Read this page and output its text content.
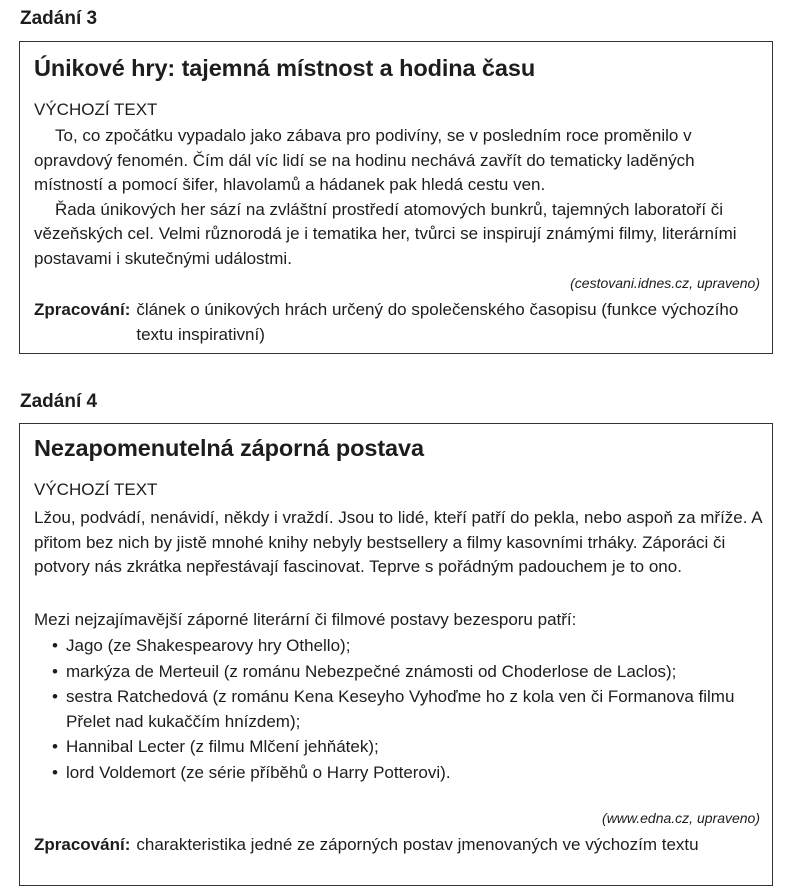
Zadání 3
Únikové hry: tajemná místnost a hodina času
VÝCHOZÍ TEXT

To, co zpočátku vypadalo jako zábava pro podivíny, se v posledním roce proměnilo v opravdový fenomén. Čím dál víc lidí se na hodinu nechává zavřít do tematicky laděných místností a pomocí šifer, hlavolamů a hádanek pak hledá cestu ven.

Řada únikových her sází na zvláštní prostředí atomových bunkrů, tajemných laboratoří či vězeňských cel. Velmi různorodá je i tematika her, tvůrci se inspirují známými filmy, literárními postavami i skutečnými událostmi.

(cestovani.idnes.cz, upraveno)
Zpracování: článek o únikových hrách určený do společenského časopisu (funkce výchozího textu inspirativní)
Zadání 4
Nezapomenutelná záporná postava
VÝCHOZÍ TEXT

Lžou, podvádí, nenávidí, někdy i vraždí. Jsou to lidé, kteří patří do pekla, nebo aspoň za mříže. A přitom bez nich by jistě mnohé knihy nebyly bestsellery a filmy kasovními trháky. Záporáci či potvory nás zkrátka nepřestávají fascinovat. Teprve s pořádným padouchem je to ono.

Mezi nejzajímavější záporné literární či filmové postavy bezesporu patří:

• Jago (ze Shakespearovy hry Othello);
• markýza de Merteuil (z románu Nebezpečné známosti od Choderlose de Laclos);
• sestra Ratchedová (z románu Kena Keseyho Vyhoďme ho z kola ven či Formanova filmu Přelet nad kukaččím hnízdem);
• Hannibal Lecter (z filmu Mlčení jehňátek);
• lord Voldemort (ze série příběhů o Harry Potterovi).
(www.edna.cz, upraveno)
Zpracování: charakteristika jedné ze záporných postav jmenovaných ve výchozím textu
